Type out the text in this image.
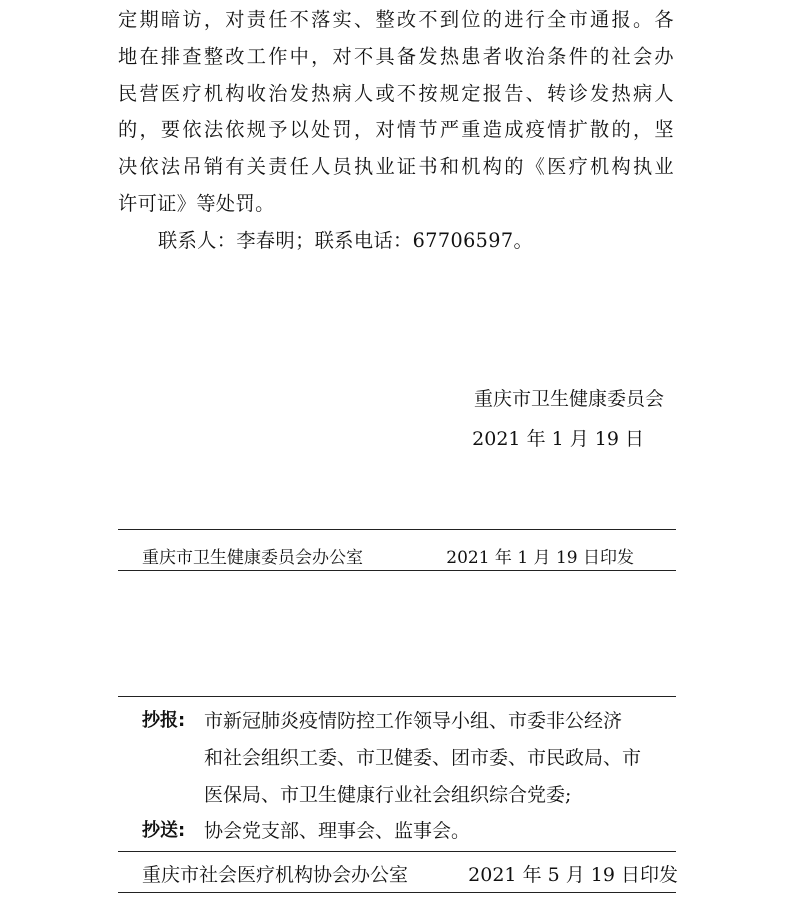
定期暗访，对责任不落实、整改不到位的进行全市通报。各
地在排查整改工作中，对不具备发热患者收治条件的社会办
民营医疗机构收治发热病人或不按规定报告、转诊发热病人
的，要依法依规予以处罚，对情节严重造成疫情扩散的，坚
决依法吊销有关责任人员执业证书和机构的《医疗机构执业
许可证》等处罚。
联系人：李春明；联系电话：67706597。
重庆市卫生健康委员会
2021 年 1 月 19 日
重庆市卫生健康委员会办公室	2021 年 1 月 19 日印发
抄报: 市新冠肺炎疫情防控工作领导小组、市委非公经济
和社会组织工委、市卫健委、团市委、市民政局、市
医保局、市卫生健康行业社会组织综合党委;
抄送: 协会党支部、理事会、监事会。
重庆市社会医疗机构协会办公室	2021 年 5 月 19 日印发
